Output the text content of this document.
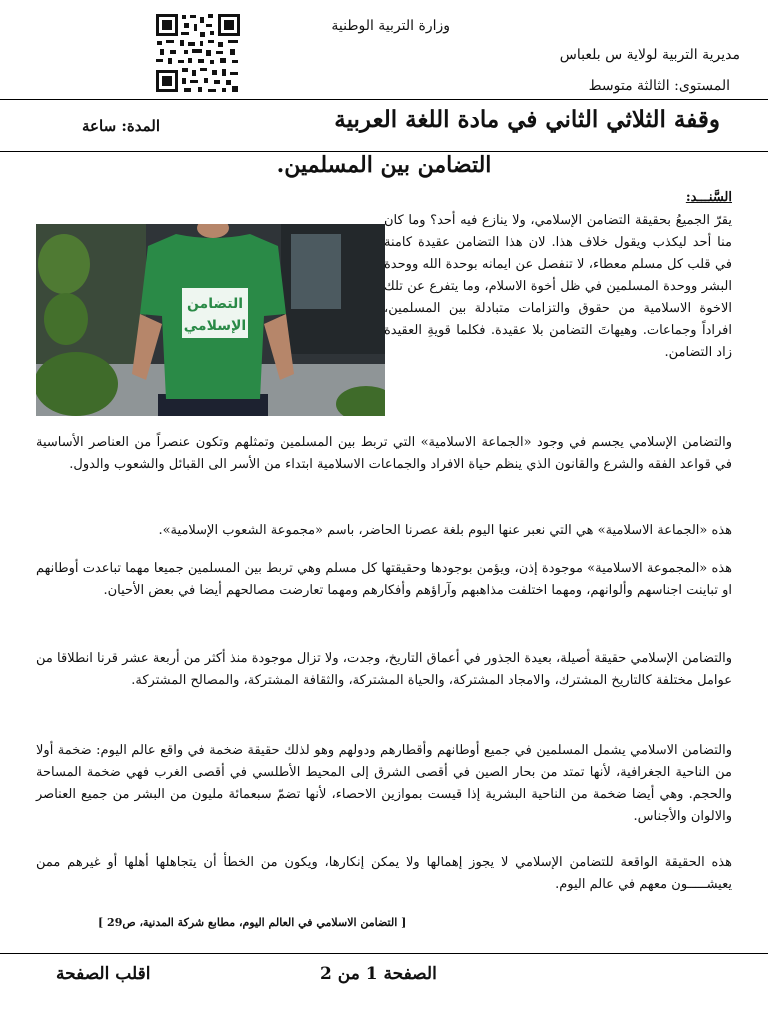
وزارة التربية الوطنية
مديرية التربية لولاية س بلعباس
المستوى: الثالثة متوسط
وقفة الثلاثي الثاني في مادة اللغة العربية
المدة: ساعة
التضامن بين المسلمين.
التضامن
الإسلامي
السَّنـــد:
يقرّ الجميعُ بحقيقة التضامن الإسلامي، ولا ينازع فيه أحد؟ وما كان منا أحد ليكذب ويقول خلاف هذا. لان هذا التضامن عقيدة كامنة في قلب كل مسلم معطاء، لا تنفصل عن ايمانه بوحدة الله ووحدة البشر ووحدة المسلمين في ظل أخوة الاسلام، وما يتفرع عن تلك الاخوة الاسلامية من حقوق والتزامات متبادلة بين المسلمين، افراداً وجماعات. وهيهاتَ التضامن بلا عقيدة. فكلما قويةِ العقيدة زاد التضامن.
والتضامن الإسلامي يجسم في وجود «الجماعة الاسلامية» التي تربط بين المسلمين وتمثلهم وتكون عنصراً من العناصر الأساسية في قواعد الفقه والشرع والقانون الذي ينظم حياة الافراد والجماعات الاسلامية ابتداء من الأسر الى القبائل والشعوب والدول.
هذه «الجماعة الاسلامية» هي التي نعبر عنها اليوم بلغة عصرنا الحاضر، باسم «مجموعة الشعوب الإسلامية».
هذه «المجموعة الاسلامية» موجودة إذن، ويؤمن بوجودها وحقيقتها كل مسلم وهي تربط بين المسلمين جميعا مهما تباعدت أوطانهم او تباينت اجناسهم وألوانهم، ومهما اختلفت مذاهبهم وآراؤهم وأفكارهم ومهما تعارضت مصالحهم أيضا في بعض الأحيان.
والتضامن الإسلامي حقيقة أصيلة، بعيدة الجذور في أعماق التاريخ، وجدت، ولا تزال موجودة منذ أكثر من أربعة عشر قرنا انطلاقا من عوامل مختلفة كالتاريخ المشترك، والامجاد المشتركة، والحياة المشتركة، والثقافة المشتركة، والمصالح المشتركة.
والتضامن الاسلامي يشمل المسلمين في جميع أوطانهم وأقطارهم ودولهم وهو لذلك حقيقة ضخمة في واقع عالم اليوم: ضخمة أولا من الناحية الجغرافية، لأنها تمتد من بحار الصين في أقصى الشرق إلى المحيط الأطلسي في أقصى الغرب فهي ضخمة المساحة والحجم. وهي أيضا ضخمة من الناحية البشرية إذا قيست بموازين الاحصاء، لأنها تضمّ سبعمائة مليون من البشر من جميع العناصر والالوان والأجناس.
هذه الحقيقة الواقعة للتضامن الإسلامي لا يجوز إهمالها ولا يمكن إنكارها، ويكون من الخطأ أن يتجاهلها أهلها أو غيرهم ممن يعيشـــــون معهم في عالم اليوم.
[ التضامن الاسلامي في العالم اليوم، مطابع شركة المدنية، ص29 ]
الصفحة 1 من 2
اقلب الصفحة
